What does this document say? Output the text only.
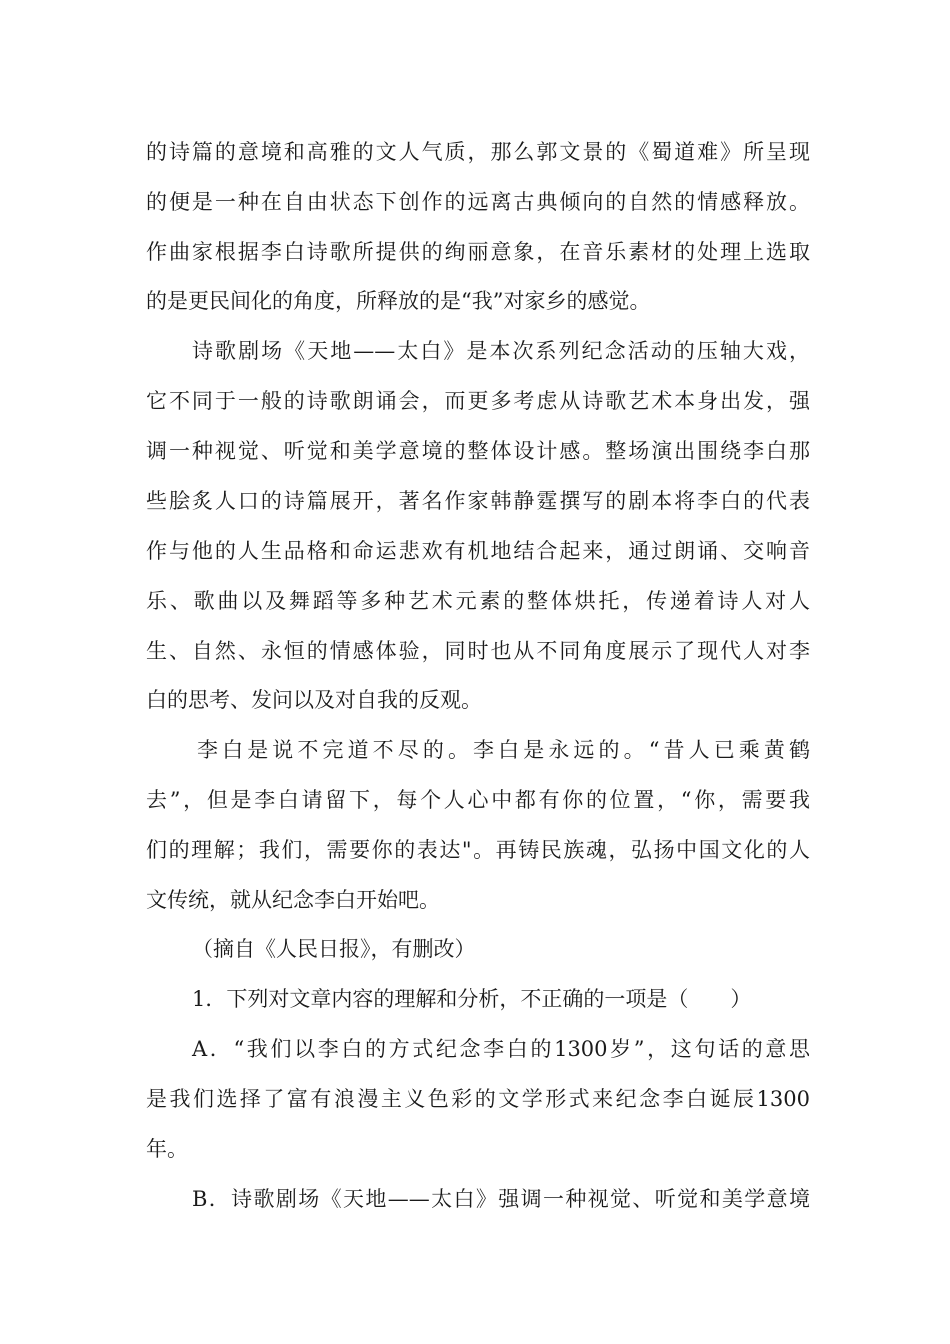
的诗篇的意境和高雅的文人气质，那么郭文景的《蜀道难》所呈现
的便是一种在自由状态下创作的远离古典倾向的自然的情感释放。
作曲家根据李白诗歌所提供的绚丽意象，在音乐素材的处理上选取
的是更民间化的角度，所释放的是“我”对家乡的感觉。
诗歌剧场《天地——太白》是本次系列纪念活动的压轴大戏，
它不同于一般的诗歌朗诵会，而更多考虑从诗歌艺术本身出发，强
调一种视觉、听觉和美学意境的整体设计感。整场演出围绕李白那
些脍炙人口的诗篇展开，著名作家韩静霆撰写的剧本将李白的代表
作与他的人生品格和命运悲欢有机地结合起来，通过朗诵、交响音
乐、歌曲以及舞蹈等多种艺术元素的整体烘托，传递着诗人对人
生、自然、永恒的情感体验，同时也从不同角度展示了现代人对李
白的思考、发问以及对自我的反观。
李白是说不完道不尽的。李白是永远的。“昔人已乘黄鹤
去”，但是李白请留下，每个人心中都有你的位置，“你，需要我
们的理解；我们，需要你的表达"。再铸民族魂，弘扬中国文化的人
文传统，就从纪念李白开始吧。
（摘自《人民日报》，有删改）
1．下列对文章内容的理解和分析，不正确的一项是（　　）
A．“我们以李白的方式纪念李白的1300岁”，这句话的意思
是我们选择了富有浪漫主义色彩的文学形式来纪念李白诞辰1300
年。
B．诗歌剧场《天地——太白》强调一种视觉、听觉和美学意境
